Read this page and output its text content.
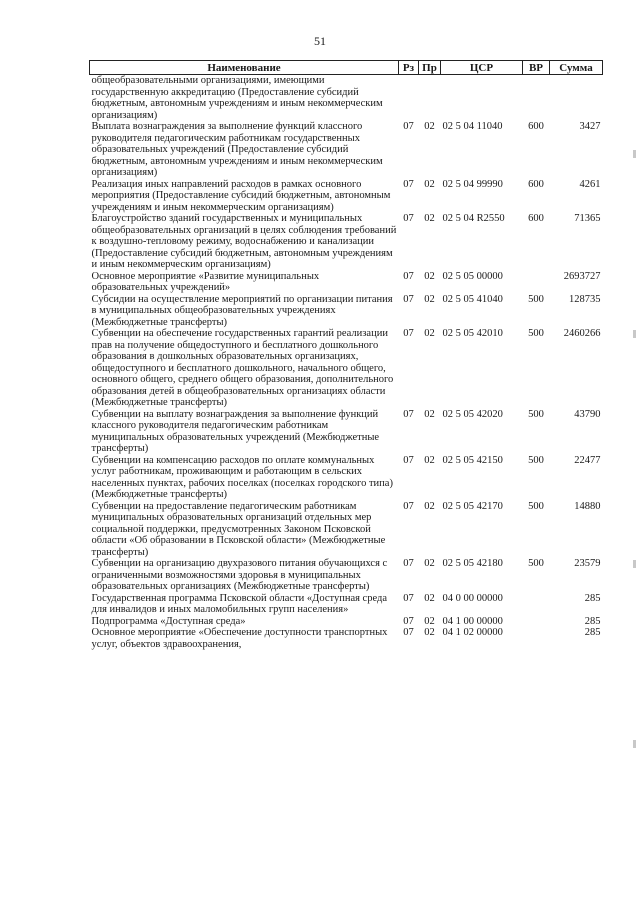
51
Наименование	Рз	Пр	ЦСР	ВР	Сумма
общеобразовательными организациями, имеющими государственную аккредитацию (Предоставление субсидий бюджетным, автономным учреждениям и иным некоммерческим организациям)					
Выплата вознаграждения за выполнение функций классного руководителя педагогическим работникам государственных образовательных учреждений (Предоставление субсидий бюджетным, автономным учреждениям и иным некоммерческим организациям)	07	02	02 5 04 11040	600	3427
Реализация иных направлений расходов в рамках основного мероприятия (Предоставление субсидий бюджетным, автономным учреждениям и иным некоммерческим организациям)	07	02	02 5 04 99990	600	4261
Благоустройство зданий государственных и муниципальных общеобразовательных организаций в целях соблюдения требований к воздушно-тепловому режиму, водоснабжению и канализации (Предоставление субсидий бюджетным, автономным учреждениям и иным некоммерческим организациям)	07	02	02 5 04 R2550	600	71365
Основное мероприятие «Развитие муниципальных образовательных учреждений»	07	02	02 5 05 00000		2693727
Субсидии на осуществление мероприятий по организации питания в муниципальных общеобразовательных учреждениях (Межбюджетные трансферты)	07	02	02 5 05 41040	500	128735
Субвенции на обеспечение государственных гарантий реализации прав на получение общедоступного и бесплатного дошкольного образования в дошкольных образовательных организациях, общедоступного и бесплатного дошкольного, начального общего, основного общего, среднего общего образования, дополнительного образования детей в общеобразовательных организациях области (Межбюджетные трансферты)	07	02	02 5 05 42010	500	2460266
Субвенции на выплату вознаграждения за выполнение функций классного руководителя педагогическим работникам муниципальных образовательных учреждений (Межбюджетные трансферты)	07	02	02 5 05 42020	500	43790
Субвенции на компенсацию расходов по оплате коммунальных услуг работникам, проживающим и работающим в сельских населенных пунктах, рабочих поселках (поселках городского типа) (Межбюджетные трансферты)	07	02	02 5 05 42150	500	22477
Субвенции на предоставление педагогическим работникам муниципальных образовательных организаций отдельных мер социальной поддержки, предусмотренных Законом Псковской области «Об образовании в Псковской области» (Межбюджетные трансферты)	07	02	02 5 05 42170	500	14880
Субвенции на организацию двухразового питания обучающихся с ограниченными возможностями здоровья в муниципальных образовательных организациях (Межбюджетные трансферты)	07	02	02 5 05 42180	500	23579
Государственная программа Псковской области «Доступная среда для инвалидов и иных маломобильных групп населения»	07	02	04 0 00 00000		285
Подпрограмма «Доступная среда»	07	02	04 1 00 00000		285
Основное мероприятие «Обеспечение доступности транспортных услуг, объектов здравоохранения,	07	02	04 1 02 00000		285
